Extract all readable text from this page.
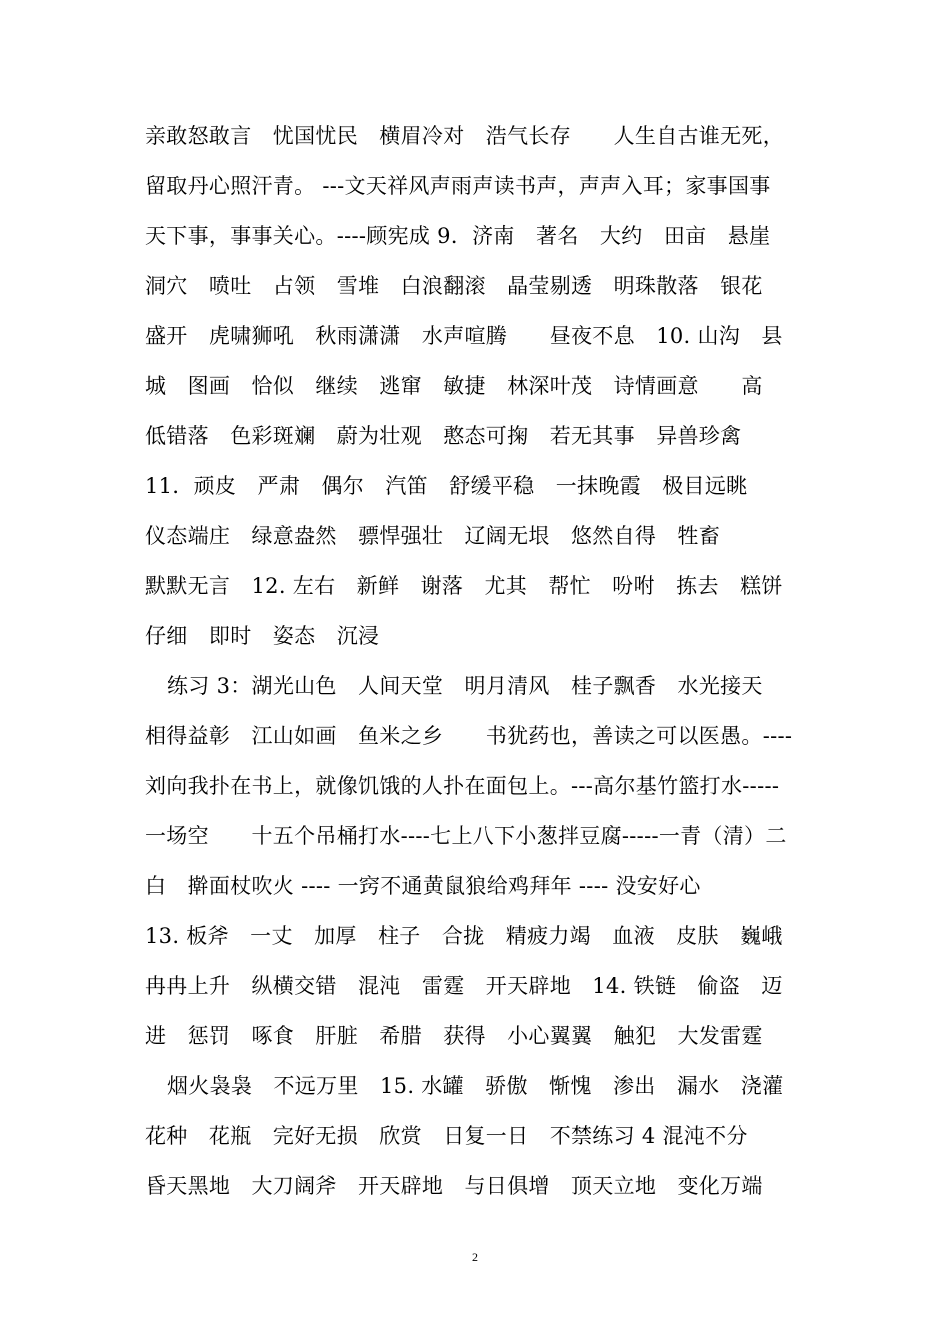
亲敢怒敢言　忧国忧民　横眉冷对　浩气长存　　人生自古谁无死，
留取丹心照汗青。 ---文天祥风声雨声读书声，声声入耳；家事国事
天下事，事事关心。----顾宪成 9．济南　著名　大约　田亩　悬崖
洞穴　喷吐　占领　雪堆　白浪翻滚　晶莹剔透　明珠散落　银花
盛开　虎啸狮吼　秋雨潇潇　水声喧腾　　昼夜不息　10. 山沟　县
城　图画　恰似　继续　逃窜　敏捷　林深叶茂　诗情画意　　高
低错落　色彩斑斓　蔚为壮观　憨态可掬　若无其事　异兽珍禽
11．顽皮　严肃　偶尔　汽笛　舒缓平稳　一抹晚霞　极目远眺
仪态端庄　绿意盎然　骠悍强壮　辽阔无垠　悠然自得　牲畜
默默无言　12. 左右　新鲜　谢落　尤其　帮忙　吩咐　拣去　糕饼
仔细　即时　姿态　沉浸
练习 3：湖光山色　人间天堂　明月清风　桂子飘香　水光接天
相得益彰　江山如画　鱼米之乡　　书犹药也，善读之可以医愚。----
刘向我扑在书上，就像饥饿的人扑在面包上。---高尔基竹篮打水-----
一场空　　十五个吊桶打水----七上八下小葱拌豆腐-----一青（清）二
白　擀面杖吹火 ---- 一窍不通黄鼠狼给鸡拜年 ---- 没安好心
13. 板斧　一丈　加厚　柱子　合拢　精疲力竭　血液　皮肤　巍峨
冉冉上升　纵横交错　混沌　雷霆　开天辟地　14. 铁链　偷盗　迈
进　惩罚　啄食　肝脏　希腊　获得　小心翼翼　触犯　大发雷霆
烟火袅袅　不远万里　15. 水罐　骄傲　惭愧　渗出　漏水　浇灌
花种　花瓶　完好无损　欣赏　日复一日　不禁练习 4 混沌不分
昏天黑地　大刀阔斧　开天辟地　与日俱增　顶天立地　变化万端
2
